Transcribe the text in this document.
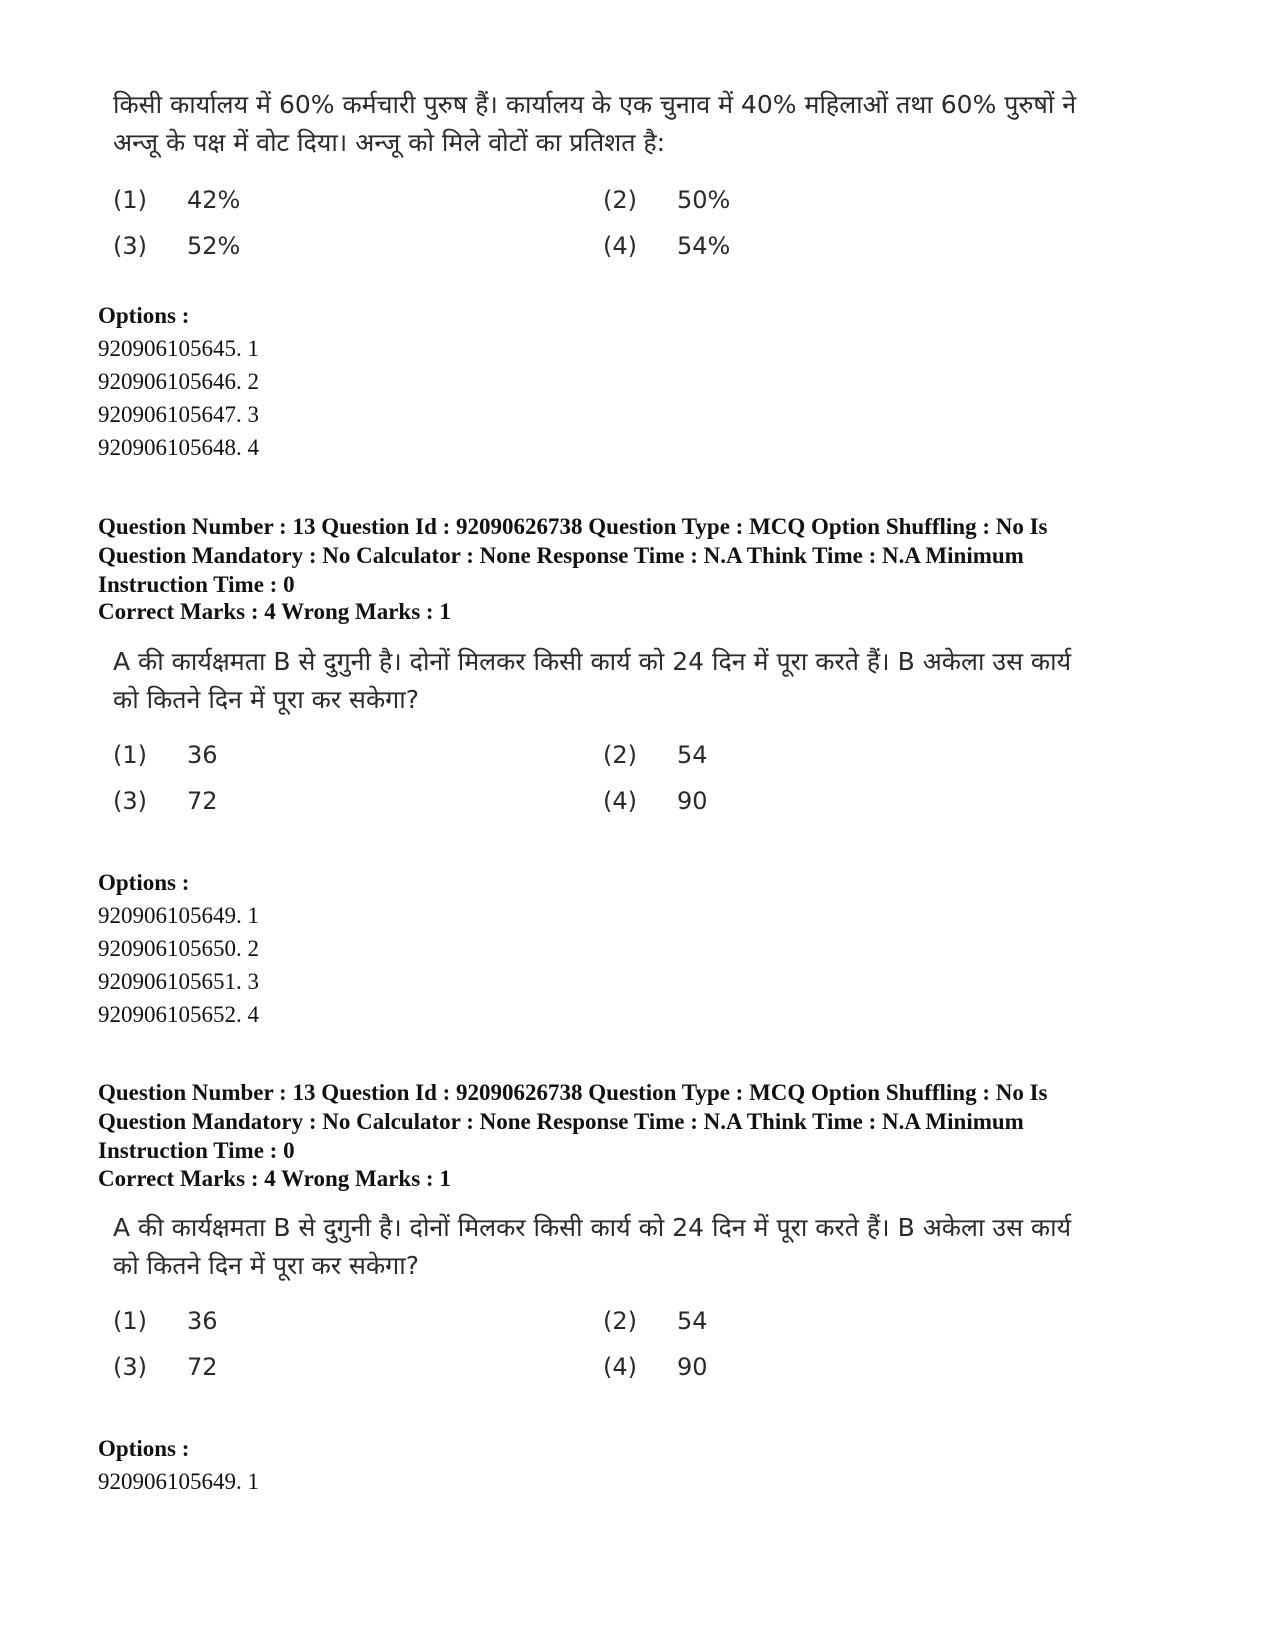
किसी कार्यालय में 60% कर्मचारी पुरुष हैं। कार्यालय के एक चुनाव में 40% महिलाओं तथा 60% पुरुषों ने
अन्जू के पक्ष में वोट दिया। अन्जू को मिले वोटों का प्रतिशत है:
(1) 42%	(2) 50%
(3) 52%	(4) 54%
Options :
920906105645. 1
920906105646. 2
920906105647. 3
920906105648. 4
Question Number : 13 Question Id : 92090626738 Question Type : MCQ Option Shuffling : No Is
Question Mandatory : No Calculator : None Response Time : N.A Think Time : N.A Minimum
Instruction Time : 0
Correct Marks : 4 Wrong Marks : 1
A की कार्यक्षमता B से दुगुनी है। दोनों मिलकर किसी कार्य को 24 दिन में पूरा करते हैं। B अकेला उस कार्य
को कितने दिन में पूरा कर सकेगा?
(1) 36	(2) 54
(3) 72	(4) 90
Options :
920906105649. 1
920906105650. 2
920906105651. 3
920906105652. 4
Question Number : 13 Question Id : 92090626738 Question Type : MCQ Option Shuffling : No Is
Question Mandatory : No Calculator : None Response Time : N.A Think Time : N.A Minimum
Instruction Time : 0
Correct Marks : 4 Wrong Marks : 1
A की कार्यक्षमता B से दुगुनी है। दोनों मिलकर किसी कार्य को 24 दिन में पूरा करते हैं। B अकेला उस कार्य
को कितने दिन में पूरा कर सकेगा?
(1) 36	(2) 54
(3) 72	(4) 90
Options :
920906105649. 1
